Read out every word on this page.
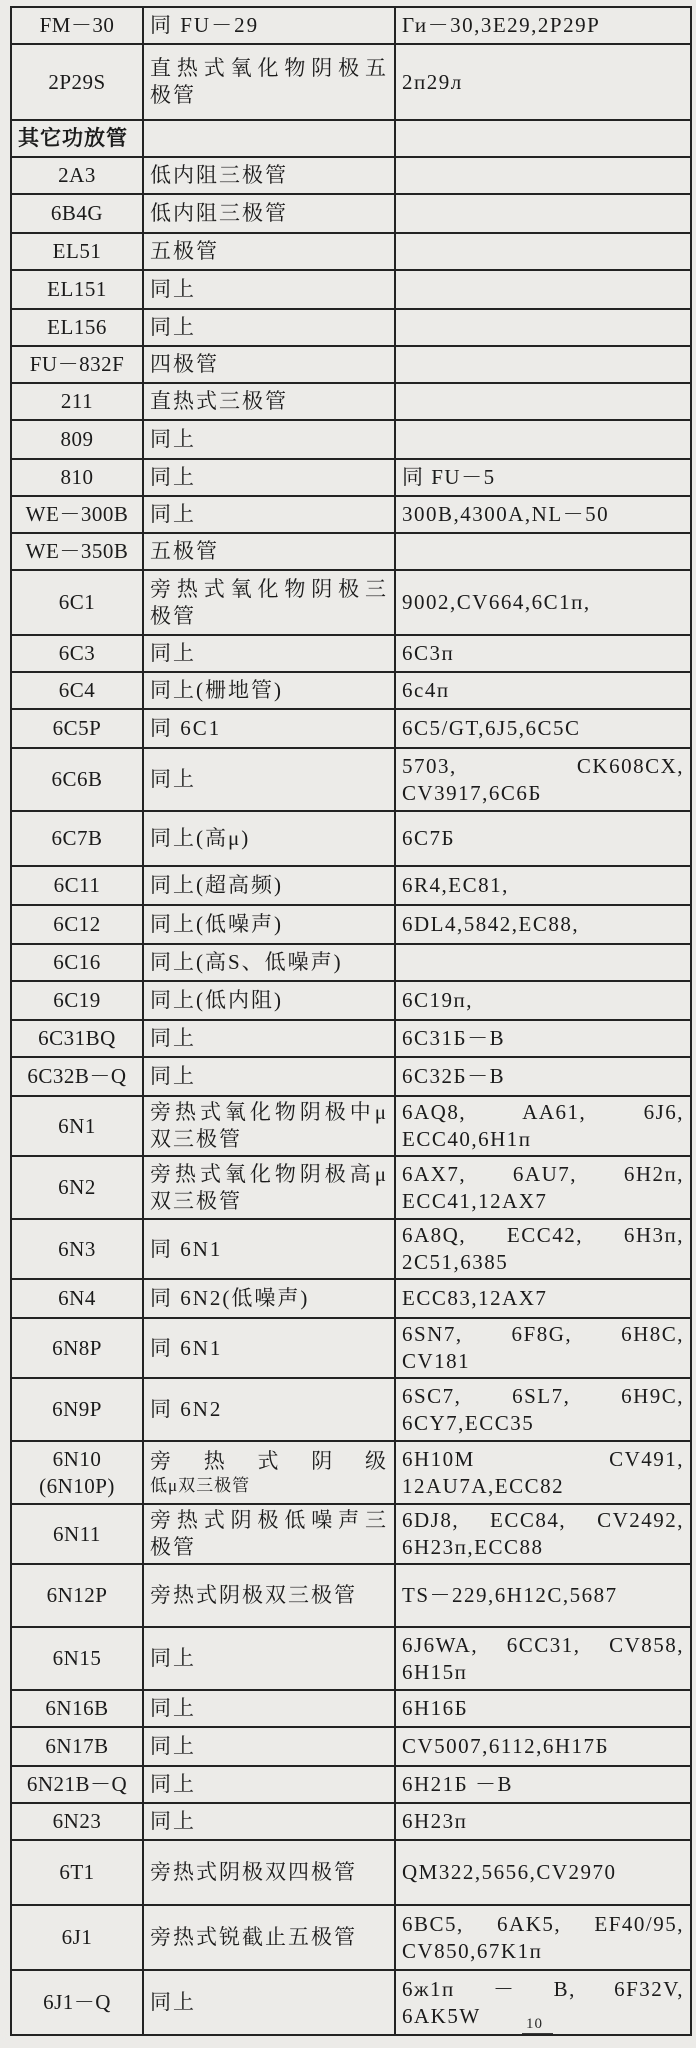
FM－30	同 FU－29	Ги－30,3E29,2P29P

2P29S	直热式氧化物阴极五
极管	2п29л

其它功放管		

2A3	低内阻三极管	

6B4G	低内阻三极管	

EL51	五极管	

EL151	同上	

EL156	同上	

FU－832F	四极管	

211	直热式三极管	

809	同上	

810	同上	同 FU－5

WE－300B	同上	300B,4300A,NL－50

WE－350B	五极管	

6C1	旁热式氧化物阴极三
极管	9002,CV664,6C1п,

6C3	同上	6C3п

6C4	同上(栅地管)	6c4п

6C5P	同 6C1	6C5/GT,6J5,6C5C

6C6B	同上	5703, CK608CX,
CV3917,6C6Б

6C7B	同上(高μ)	6C7Б

6C11	同上(超高频)	6R4,EC81,

6C12	同上(低噪声)	6DL4,5842,EC88,

6C16	同上(高S、低噪声)	

6C19	同上(低内阻)	6C19п,

6C31BQ	同上	6C31Б－B

6C32B－Q	同上	6C32Б－B

6N1	旁热式氧化物阴极中μ
双三极管	6AQ8, AA61, 6J6,
ECC40,6H1п

6N2	旁热式氧化物阴极高μ
双三极管	6AX7, 6AU7, 6H2п,
ECC41,12AX7

6N3	同 6N1	6A8Q, ECC42, 6H3п,
2C51,6385

6N4	同 6N2(低噪声)	ECC83,12AX7

6N8P	同 6N1	6SN7, 6F8G, 6H8C,
CV181

6N9P	同 6N2	6SC7, 6SL7, 6H9C,
6CY7,ECC35

6N10
(6N10P)	旁热式阴级
低μ双三极管	6H10M CV491,
12AU7A,ECC82

6N11	旁热式阴极低噪声三
极管	6DJ8, ECC84, CV2492,
6H23п,ECC88

6N12P	旁热式阴极双三极管	TS－229,6H12C,5687

6N15	同上	6J6WA, 6CC31, CV858,
6H15п

6N16B	同上	6H16Б

6N17B	同上	CV5007,6112,6H17Б

6N21B－Q	同上	6H21Б －B

6N23	同上	6H23п

6T1	旁热式阴极双四极管	QM322,5656,CV2970

6J1	旁热式锐截止五极管	6BC5, 6AK5, EF40/95,
CV850,67K1п

6J1－Q	同上	6ж1п － B, 6F32V,
6AK5W	10
